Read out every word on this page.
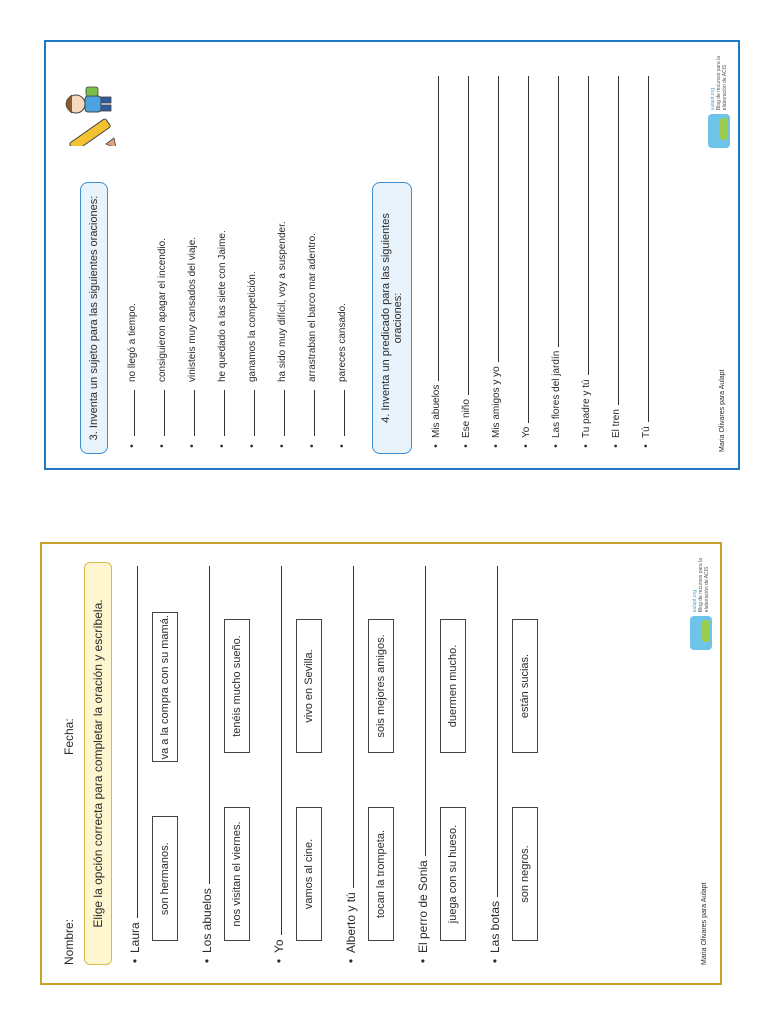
Nombre:
Fecha:	Elige la opción correcta para completar la oración y escríbela.
•
Laura
son hermanos.
va a la compra con su mamá.
•
Los abuelos	nos visitan el viernes.
tenéis mucho sueño.
•
Yo
vamos al cine.
vivo en Sevilla.
•
Alberto y tú
tocan la trompeta.
sois mejores amigos.
•
El perro de Sonia	juega con su hueso.
duermen mucho.
•
Las botas
son negros.
están sucias.
Maria Olivares para Aulapt
aulapt.org Blog de recursos para la elaboración de ACIS
3. Inventa un sujeto para las siguientes oraciones:
•
no llegó a tiempo.
•
consiguieron apagar el incendio.
•
vinisteis muy cansados del viaje.
•
he quedado a las siete con Jaime.
•
ganamos la competición.
•
ha sido muy difícil, voy a suspender.
•
arrastraban el barco mar adentro.
•
pareces cansado.	4. Inventa un predicado para las siguientes oraciones:
•
Mis abuelos
•
Ese niño
•
Mis amigos y yo
•
Yo
•
Las flores del jardín
•
Tu padre y tú
•
El tren
•
Tú	Maria Olivares para Aulapt
aulapt.org Blog de recursos para la elaboración de ACIS
